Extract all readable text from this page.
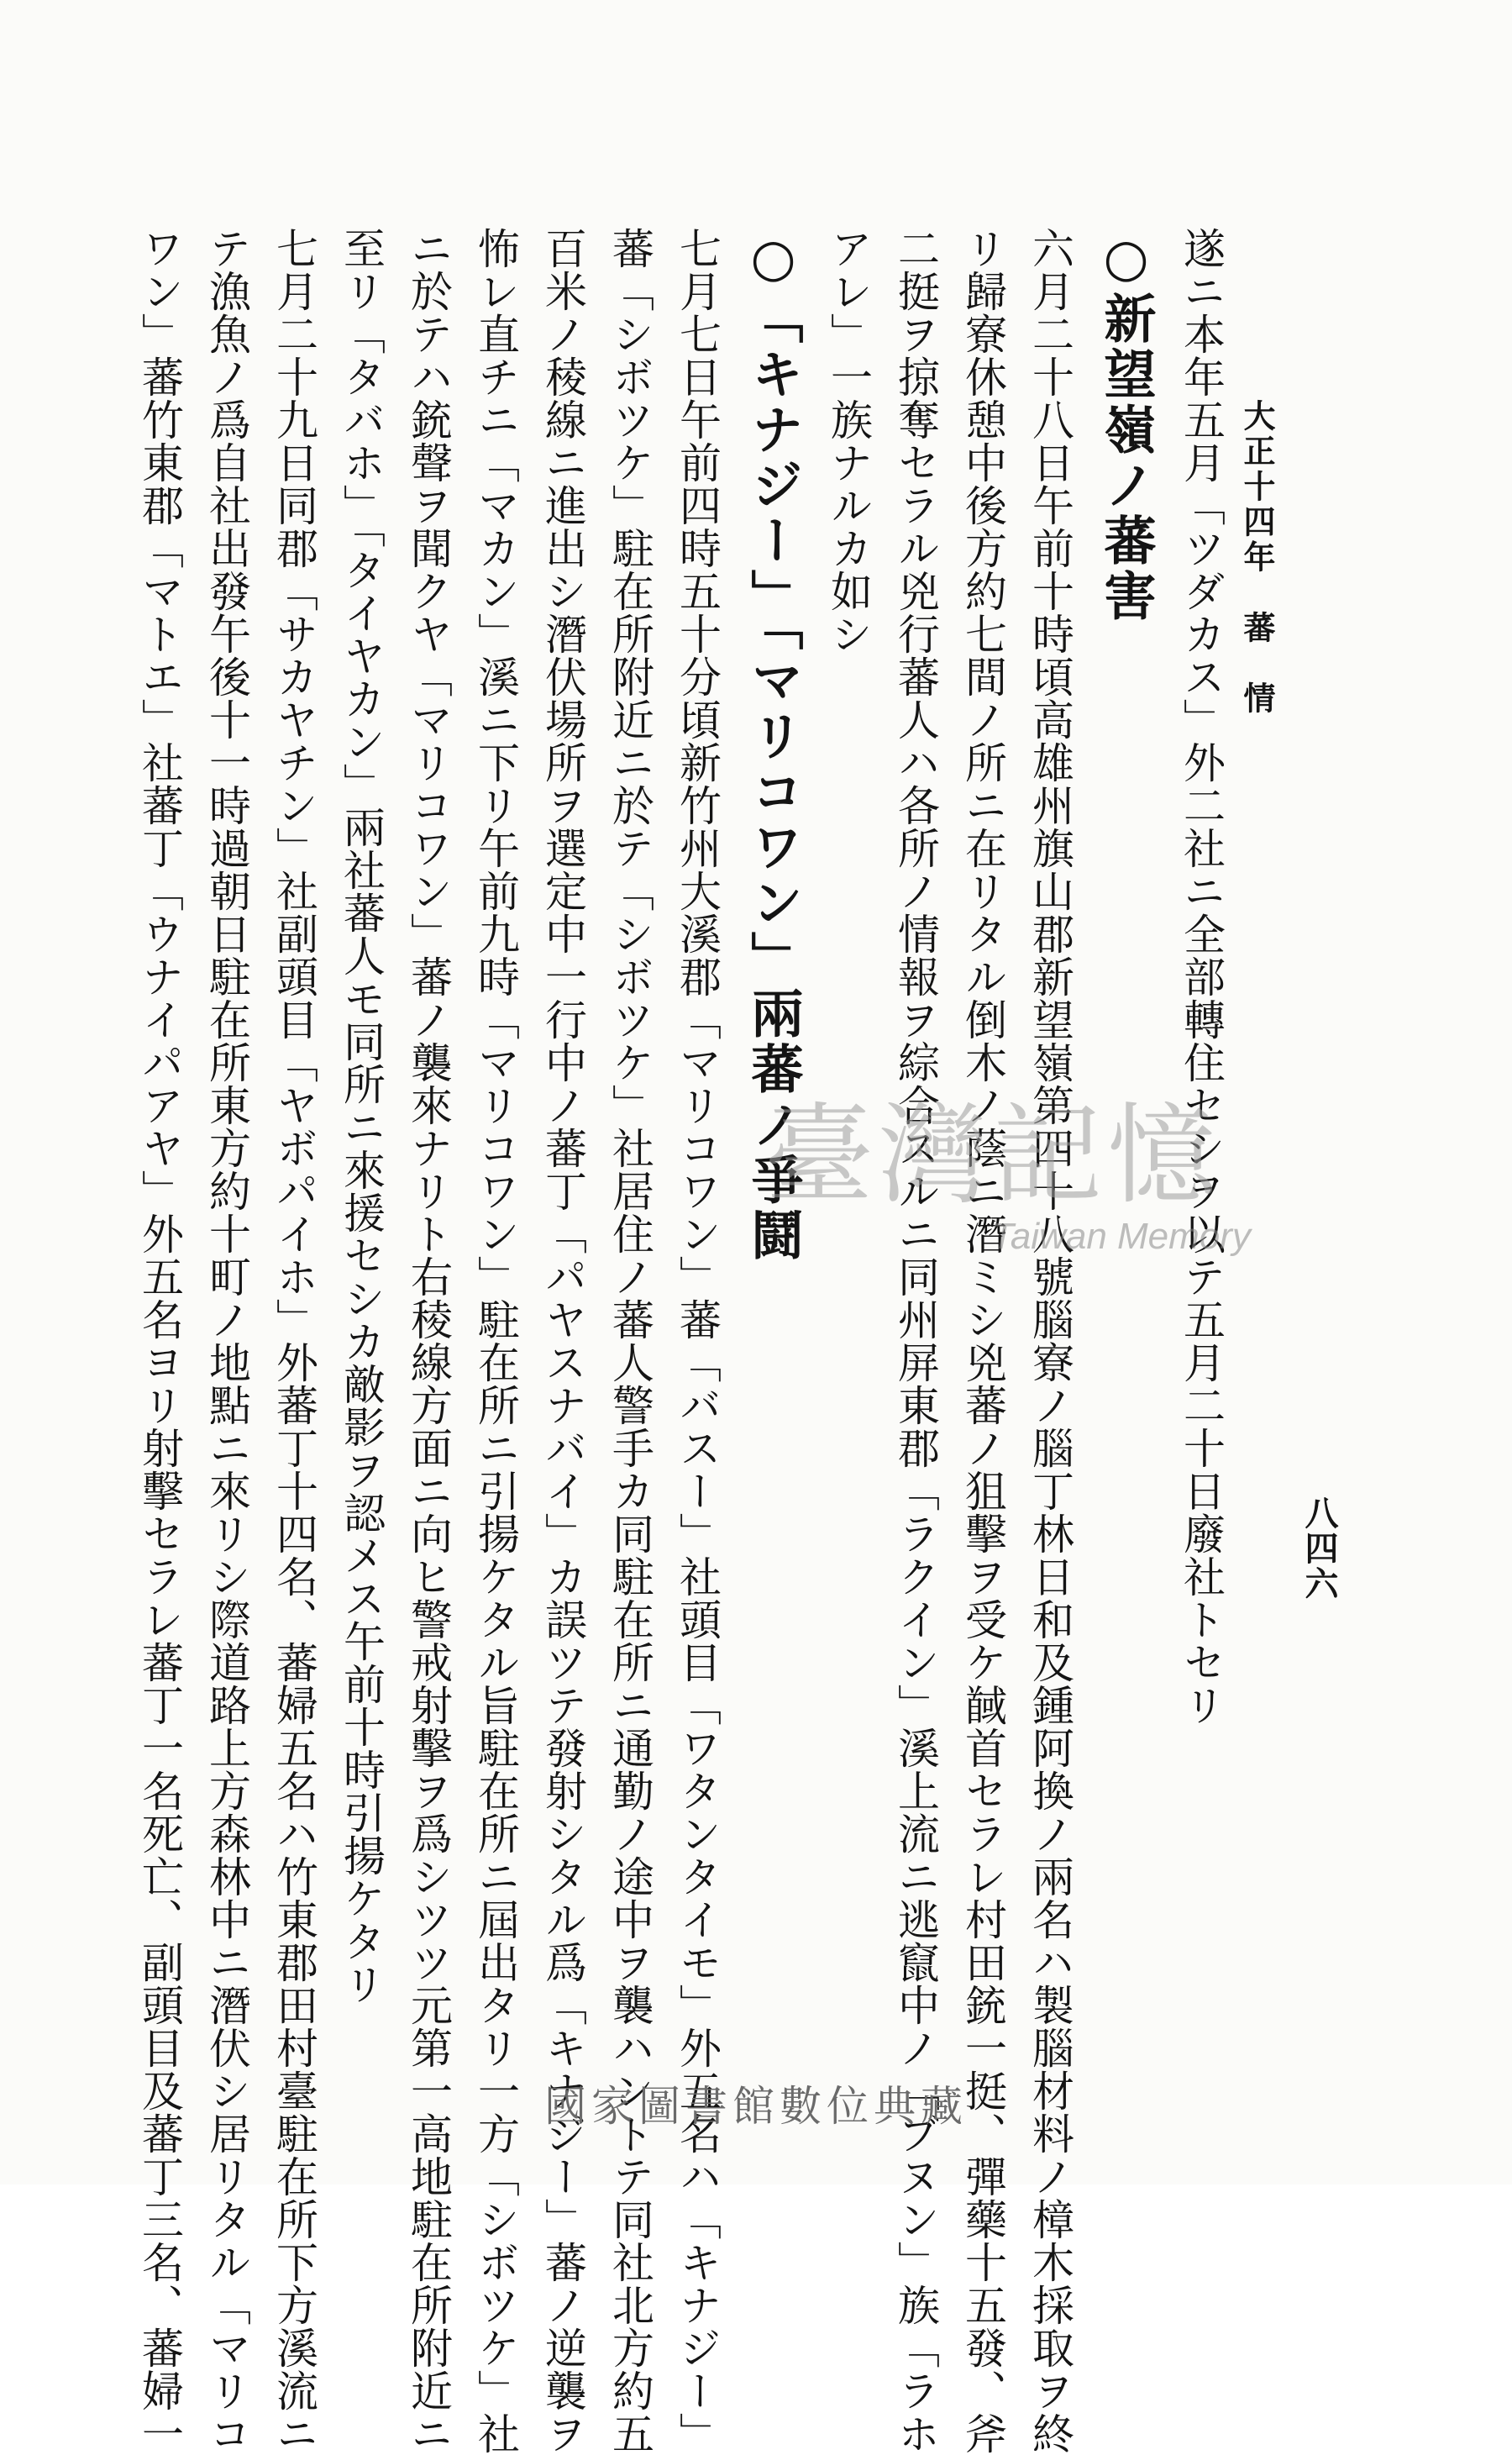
大正十四年　蕃　情
八四六

遂ニ本年五月「ツダカス」外二社ニ全部轉住セシヲ以テ五月二十日廢社トセリ

○新望嶺ノ蕃害

六月二十八日午前十時頃高雄州旗山郡新望嶺第四十八號腦寮ノ腦丁林日和及鍾阿換ノ兩名ハ製腦材料ノ樟木採取ヲ終

リ歸寮休憩中後方約七間ノ所ニ在リタル倒木ノ蔭ニ潛ミシ兇蕃ノ狙擊ヲ受ケ馘首セラレ村田銃一挺、彈藥十五發、斧

二挺ヲ掠奪セラル兇行蕃人ハ各所ノ情報ヲ綜合スルニ同州屏東郡「ラクイン」溪上流ニ逃竄中ノ「ブヌン」族「ラホ

アレ」一族ナルカ如シ

○「キナジー」「マリコワン」兩蕃ノ爭鬪

七月七日午前四時五十分頃新竹州大溪郡「マリコワン」蕃「バスー」社頭目「ワタンタイモ」外五名ハ「キナジー」

蕃「シボツケ」駐在所附近ニ於テ「シボツケ」社居住ノ蕃人警手カ同駐在所ニ通勤ノ途中ヲ襲ハントテ同社北方約五

百米ノ稜線ニ進出シ潛伏場所ヲ選定中一行中ノ蕃丁「パヤスナバイ」カ誤ツテ發射シタル爲「キナジー」蕃ノ逆襲ヲ

怖レ直チニ「マカン」溪ニ下リ午前九時「マリコワン」駐在所ニ引揚ケタル旨駐在所ニ屆出タリ一方「シボツケ」社

ニ於テハ銃聲ヲ聞クヤ「マリコワン」蕃ノ襲來ナリト右稜線方面ニ向ヒ警戒射擊ヲ爲シツツ元第一高地駐在所附近ニ

至リ「タバホ」「タイヤカン」兩社蕃人モ同所ニ來援セシカ敵影ヲ認メス午前十時引揚ケタリ

七月二十九日同郡「サカヤチン」社副頭目「ヤボパイホ」外蕃丁十四名、蕃婦五名ハ竹東郡田村臺駐在所下方溪流ニ

テ漁魚ノ爲自社出發午後十一時過朝日駐在所東方約十町ノ地點ニ來リシ際道路上方森林中ニ潛伏シ居リタル「マリコ

ワン」蕃竹東郡「マトエ」社蕃丁「ウナイパアヤ」外五名ヨリ射擊セラレ蕃丁一名死亡、副頭目及蕃丁三名、蕃婦一	臺灣記憶
Taiwan Memory
國家圖書館數位典藏
